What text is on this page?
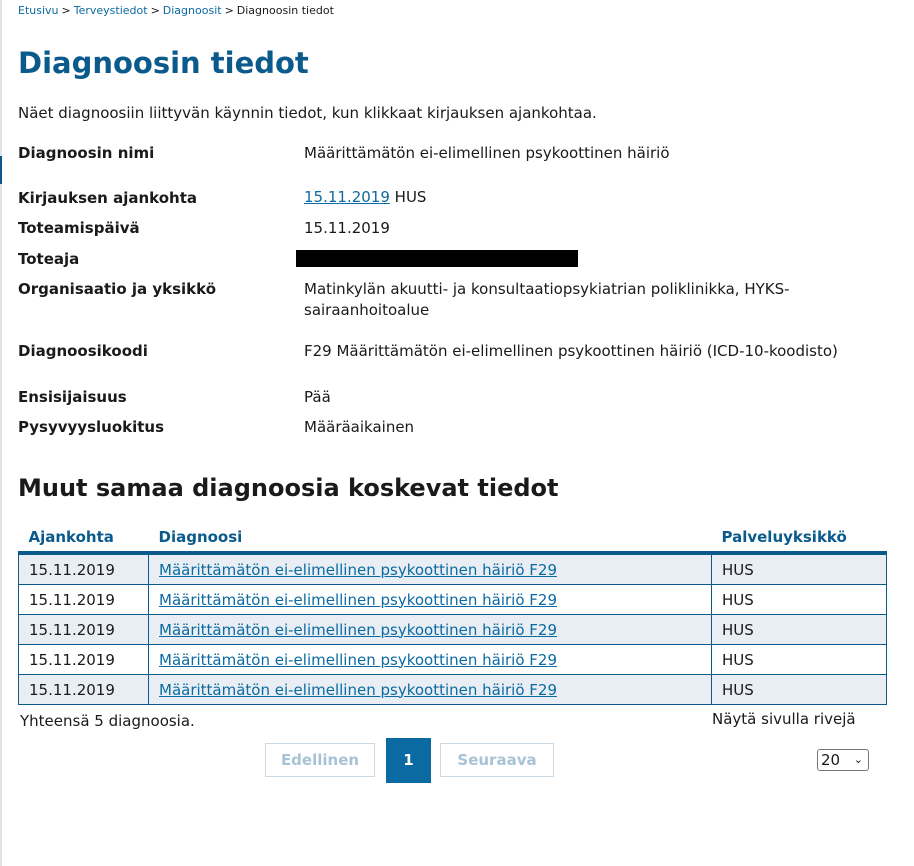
Etusivu > Terveystiedot > Diagnoosit > Diagnoosin tiedot
Diagnoosin tiedot
Näet diagnoosiin liittyvän käynnin tiedot, kun klikkaat kirjauksen ajankohtaa.
Diagnoosin nimi	Määrittämätön ei-elimellinen psykoottinen häiriö
Kirjauksen ajankohta	15.11.2019 HUS
Toteamispäivä	15.11.2019
Toteaja
Organisaatio ja yksikkö	Matinkylän akuutti- ja konsultaatiopsykiatrian poliklinikka, HYKS-sairaanhoitoalue
Diagnoosikoodi	F29 Määrittämätön ei-elimellinen psykoottinen häiriö (ICD-10-koodisto)
Ensisijaisuus	Pää
Pysyvyysluokitus	Määräaikainen
Muut samaa diagnoosia koskevat tiedot
Ajankohta	Diagnoosi	Palveluyksikkö
15.11.2019	Määrittämätön ei-elimellinen psykoottinen häiriö F29	HUS
15.11.2019	Määrittämätön ei-elimellinen psykoottinen häiriö F29	HUS
15.11.2019	Määrittämätön ei-elimellinen psykoottinen häiriö F29	HUS
15.11.2019	Määrittämätön ei-elimellinen psykoottinen häiriö F29	HUS
15.11.2019	Määrittämätön ei-elimellinen psykoottinen häiriö F29	HUS
Yhteensä 5 diagnoosia.	Näytä sivulla rivejä
Edellinen	1	Seuraava	20 ⌄
